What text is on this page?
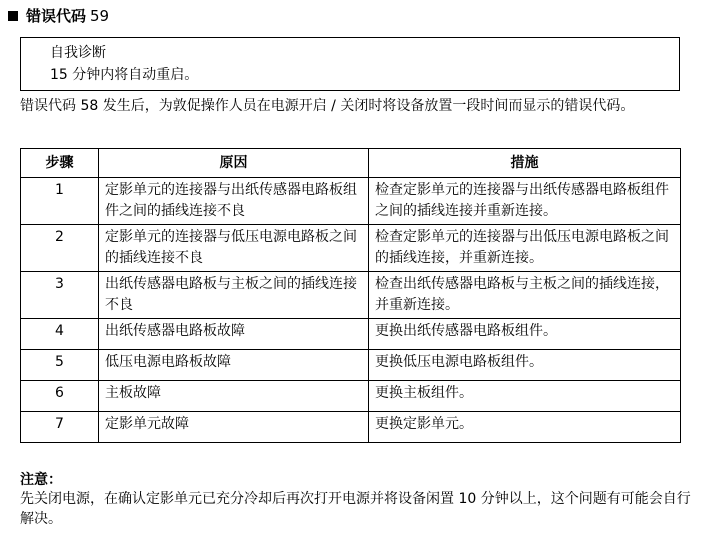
错误代码 59
自我诊断
15 分钟内将自动重启。
错误代码 58 发生后，为敦促操作人员在电源开启 / 关闭时将设备放置一段时间而显示的错误代码。
步骤	原因	措施
1	定影单元的连接器与出纸传感器电路板组件之间的插线连接不良	检查定影单元的连接器与出纸传感器电路板组件之间的插线连接并重新连接。
2	定影单元的连接器与低压电源电路板之间的插线连接不良	检查定影单元的连接器与出低压电源电路板之间的插线连接，并重新连接。
3	出纸传感器电路板与主板之间的插线连接不良	检查出纸传感器电路板与主板之间的插线连接，并重新连接。
4	出纸传感器电路板故障	更换出纸传感器电路板组件。
5	低压电源电路板故障	更换低压电源电路板组件。
6	主板故障	更换主板组件。
7	定影单元故障	更换定影单元。
注意：
先关闭电源，在确认定影单元已充分冷却后再次打开电源并将设备闲置 10 分钟以上，这个问题有可能会自行解决。
